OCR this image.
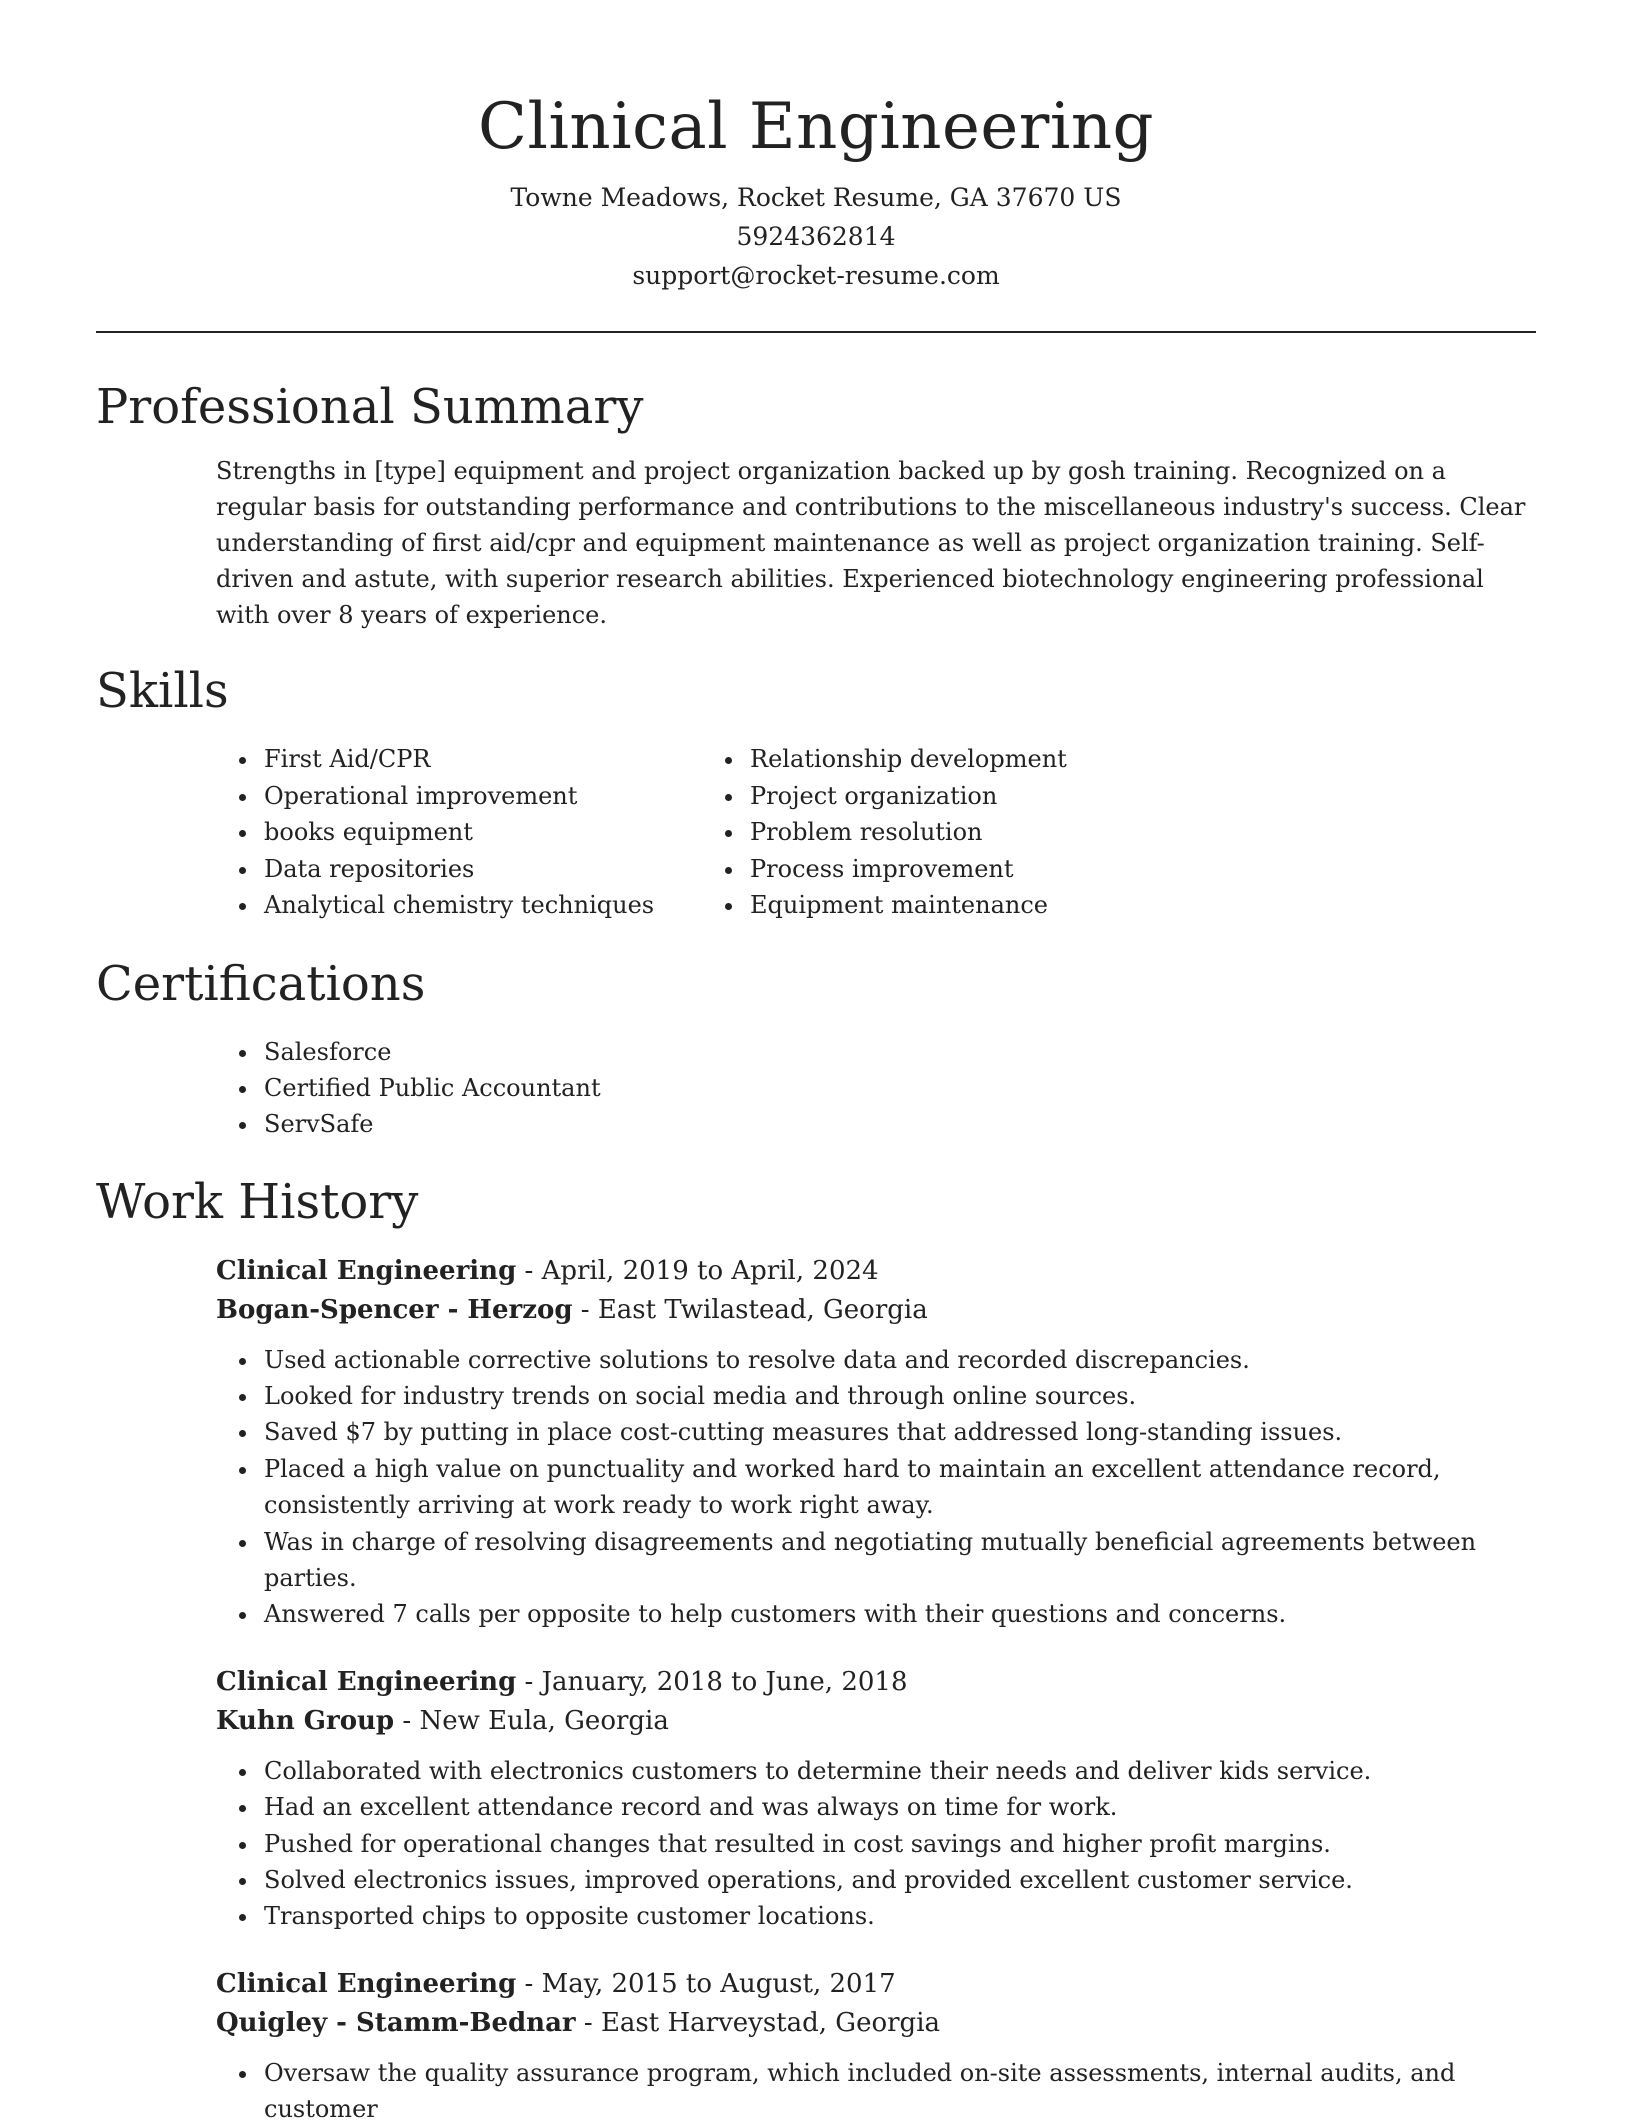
Clinical Engineering

Towne Meadows, Rocket Resume, GA 37670 US

5924362814

support@rocket-resume.com

Professional Summary

Strengths in [type] equipment and project organization backed up by gosh training. Recognized on a regular basis for outstanding performance and contributions to the miscellaneous industry's success. Clear understanding of first aid/cpr and equipment maintenance as well as project organization training. Self-driven and astute, with superior research abilities. Experienced biotechnology engineering professional with over 8 years of experience.

Skills
• First Aid/CPR
• Operational improvement
• books equipment
• Data repositories
• Analytical chemistry techniques
• Relationship development
• Project organization
• Problem resolution
• Process improvement
• Equipment maintenance
Certifications
• Salesforce
• Certified Public Accountant
• ServSafe
Work History

Clinical Engineering - April, 2019 to April, 2024

Bogan-Spencer - Herzog - East Twilastead, Georgia

• Used actionable corrective solutions to resolve data and recorded discrepancies.
• Looked for industry trends on social media and through online sources.
• Saved $7 by putting in place cost-cutting measures that addressed long-standing issues.
• Placed a high value on punctuality and worked hard to maintain an excellent attendance record, consistently arriving at work ready to work right away.
• Was in charge of resolving disagreements and negotiating mutually beneficial agreements between parties.
• Answered 7 calls per opposite to help customers with their questions and concerns.

Clinical Engineering - January, 2018 to June, 2018

Kuhn Group - New Eula, Georgia

• Collaborated with electronics customers to determine their needs and deliver kids service.
• Had an excellent attendance record and was always on time for work.
• Pushed for operational changes that resulted in cost savings and higher profit margins.
• Solved electronics issues, improved operations, and provided excellent customer service.
• Transported chips to opposite customer locations.

Clinical Engineering - May, 2015 to August, 2017

Quigley - Stamm-Bednar - East Harveystad, Georgia

• Oversaw the quality assurance program, which included on-site assessments, internal audits, and customer
